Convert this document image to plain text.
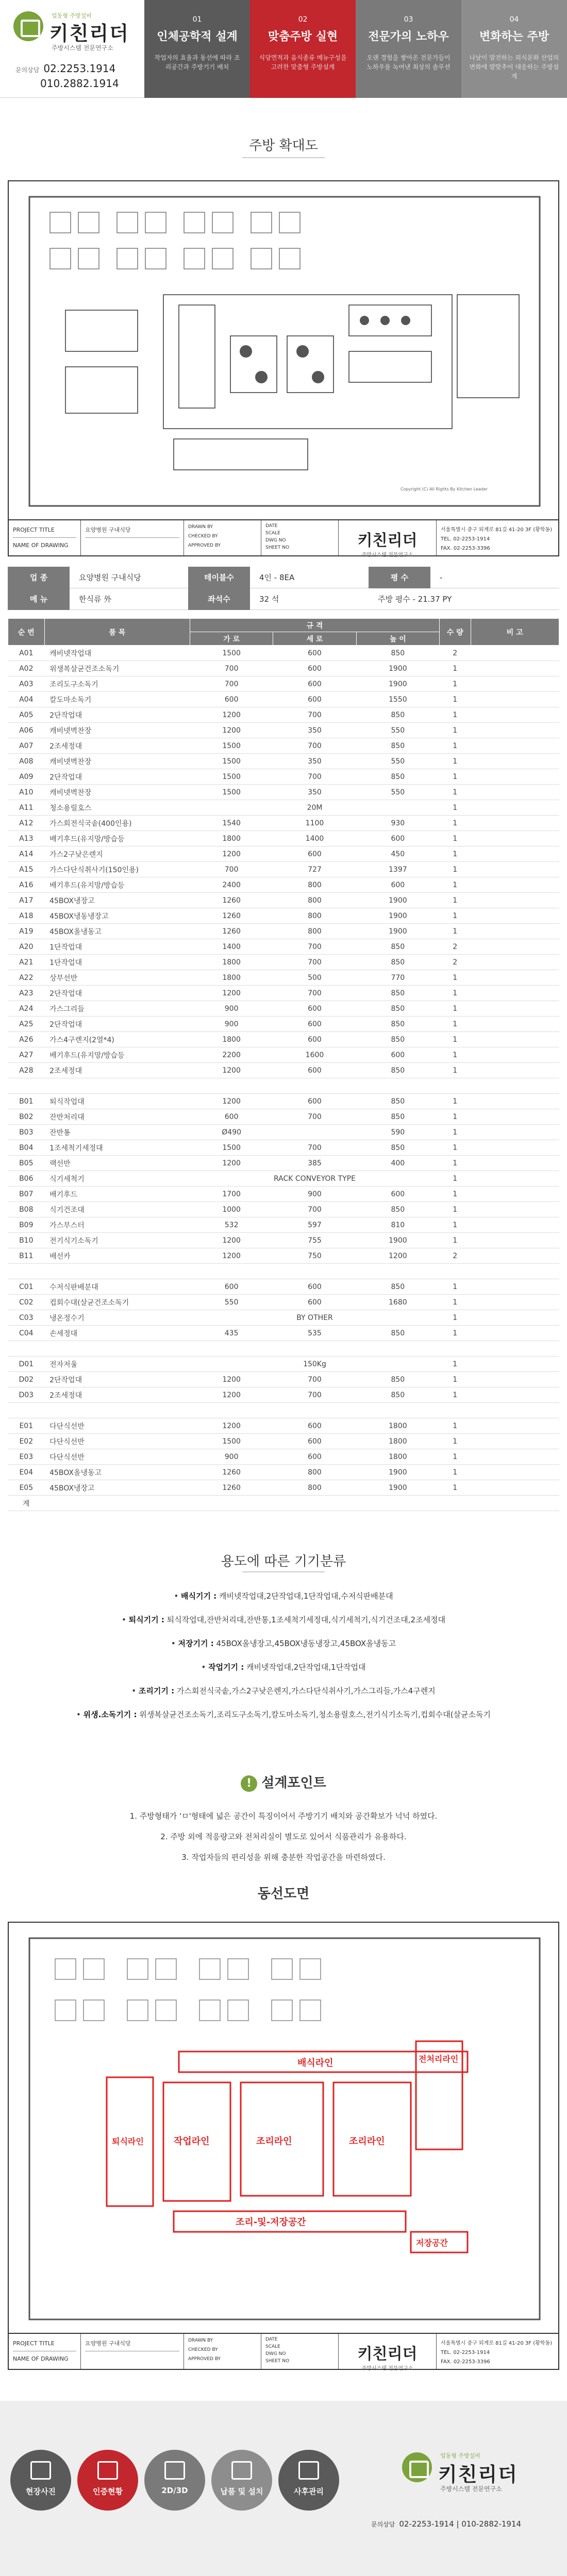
업동형 주방설비
키친리더
주방시스템 전문연구소
문의상담 02.2253.1914
010.2882.1914
01
인체공학적 설계
작업자의 효율과 동선에 따라 조리공간과 주방기기 배치
02
맞춤주방 실현
식당면적과 음식종류 메뉴구성을 고려한 맞춤형 주방설계
03
전문가의 노하우
오랜 경험을 쌓아온 전문가들이 노하우를 녹여낸 최상의 솔루션
04
변화하는 주방
나날이 발전하는 외식문화 산업의 변화에 발맞추어 대응하는 주방설계
주방 확대도
Copyright (C) All Rights By Kitchen Leader
PROJECT TITLE
NAME OF DRAWING
요양병원 구내식당	DRAWN BY
CHECKED BY
APPROVED BY
DATE
SCALE
DWG NO
SHEET NO	키친리더
주방시스템 전문연구소
서울특별시 중구 퇴계로 81길 41-20 3F (황학동)
TEL. 02-2253-1914
FAX. 02-2253-3396
업 종	요양병원 구내식당	테이블수	4인 - 8EA	평 수	-
메 뉴	한식류 外	좌석수	32 석	주방 평수 - 21.37 PY
순 번	품 목	규 격			수 량	비 고
		가 로	세 로	높 이		
A01	캐비넷작업대	1500	600	850	2	
A02	위생복살균건조소독기	700	600	1900	1	
A03	조리도구소독기	700	600	1900	1	
A04	칼도마소독기	600	600	1550	1	
A05	2단작업대	1200	700	850	1	
A06	캐비넷벽찬장	1200	350	550	1	
A07	2조세정대	1500	700	850	1	
A08	캐비넷벽찬장	1500	350	550	1	
A09	2단작업대	1500	700	850	1	
A10	캐비넷벽찬장	1500	350	550	1	
A11	청소용릴호스		20M		1	
A12	가스회전식국솥(400인용)	1540	1100	930	1	
A13	배기후드(유지망/방습등	1800	1400	600	1	
A14	가스2구낮은렌지	1200	600	450	1	
A15	가스다단식취사기(150인용)	700	727	1397	1	
A16	배기후드(유지망/방습등	2400	800	600	1	
A17	45BOX냉장고	1260	800	1900	1	
A18	45BOX냉동냉장고	1260	800	1900	1	
A19	45BOX올냉동고	1260	800	1900	1	
A20	1단작업대	1400	700	850	2	
A21	1단작업대	1800	700	850	2	
A22	상부선반	1800	500	770	1	
A23	2단작업대	1200	700	850	1	
A24	가스그리들	900	600	850	1	
A25	2단작업대	900	600	850	1	
A26	가스4구렌지(2열*4)	1800	600	850	1	
A27	배기후드(유지망/방습등	2200	1600	600	1	
A28	2조세정대	1200	600	850	1	

B01	퇴식작업대	1200	600	850	1	
B02	잔반처리대	600	700	850	1	
B03	잔반통	Ø490		590	1	
B04	1조세척기세정대	1500	700	850	1	
B05	랙선반	1200	385	400	1	
B06	식기세척기		RACK CONVEYOR TYPE		1	
B07	배기후드	1700	900	600	1	
B08	식기건조대	1000	700	850	1	
B09	가스부스터	532	597	810	1	
B10	전기식기소독기	1200	755	1900	1	
B11	배선카	1200	750	1200	2	

C01	수저식판배분대	600	600	850	1	
C02	컵회수대(살균건조소독기	550	600	1680	1	
C03	냉온정수기		BY OTHER		1	
C04	손세정대	435	535	850	1	

D01	전자저울		150Kg		1	
D02	2단작업대	1200	700	850	1	
D03	2조세정대	1200	700	850	1	

E01	다단식선반	1200	600	1800	1	
E02	다단식선반	1500	600	1800	1	
E03	다단식선반	900	600	1800	1	
E04	45BOX올냉동고	1260	800	1900	1	
E05	45BOX냉장고	1260	800	1900	1	
계						
용도에 따른 기기분류
• 배식기기 : 캐비넷작업대,2단작업대,1단작업대,수저식판배분대
• 퇴식기기 : 퇴식작업대,잔반처리대,잔반통,1조세척기세정대,식기세척기,식기건조대,2조세정대
• 저장기기 : 45BOX올냉장고,45BOX냉동냉장고,45BOX올냉동고
• 작업기기 : 캐비넷작업대,2단작업대,1단작업대
• 조리기기 : 가스회전식국솥,가스2구낮은렌지,가스다단식취사기,가스그리들,가스4구렌지
• 위생.소독기기 : 위생복살균건조소독기,조리도구소독기,칼도마소독기,청소용릴호스,전기식기소독기,컵회수대(살균소독기
! 설계포인트
1. 주방형태가 'ㅁ'형태에 넓은 공간이 특징이어서 주방기기 배치와 공간확보가 넉넉 하였다.
2. 주방 외에 적응량고와 전처리실이 별도로 있어서 식품관리가 유용하다.
3. 작업자들의 편리성을 위해 충분한 작업공간을 마련하였다.
동선도면
배식라인	전처리라인
퇴식라인	작업라인	조리라인	조리라인
조리-및-저장공간
저장공간
PROJECT TITLE
NAME OF DRAWING
요양병원 구내식당	DRAWN BY
CHECKED BY
APPROVED BY
DATE
SCALE
DWG NO
SHEET NO	키친리더
주방시스템 전문연구소
서울특별시 중구 퇴계로 81길 41-20 3F (황학동)
TEL. 02-2253-1914
FAX. 02-2253-3396
현장사진	인증현황	2D/3D	납품 및 설치	사후관리
업동형 주방설비
키친리더
주방시스템 전문연구소
문의상담 02-2253-1914 | 010-2882-1914
